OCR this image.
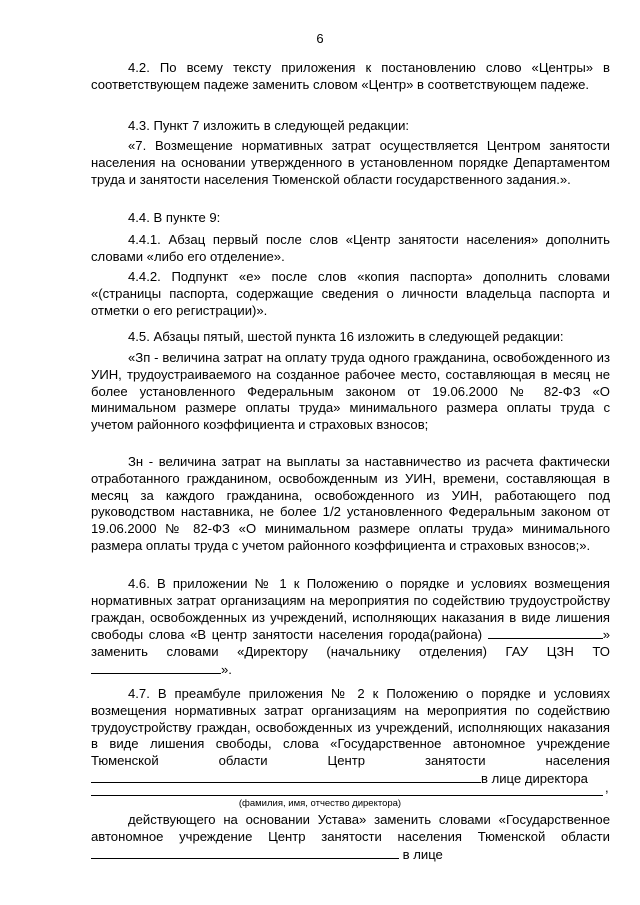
6

4.2. По всему тексту приложения к постановлению слово «Центры» в соответствующем падеже заменить словом «Центр» в соответствующем падеже.

4.3. Пункт 7 изложить в следующей редакции:

«7. Возмещение нормативных затрат осуществляется Центром занятости населения на основании утвержденного в установленном порядке Департаментом труда и занятости населения Тюменской области государственного задания.».

4.4. В пункте 9:

4.4.1. Абзац первый после слов «Центр занятости населения» дополнить словами «либо его отделение».

4.4.2. Подпункт «е» после слов «копия паспорта» дополнить словами «(страницы паспорта, содержащие сведения о личности владельца паспорта и отметки о его регистрации)».

4.5. Абзацы пятый, шестой пункта 16 изложить в следующей редакции:

«Зп - величина затрат на оплату труда одного гражданина, освобожденного из УИН, трудоустраиваемого на созданное рабочее место, составляющая в месяц не более установленного Федеральным законом от 19.06.2000 № 82-ФЗ «О минимальном размере оплаты труда» минимального размера оплаты труда с учетом районного коэффициента и страховых взносов;

Зн - величина затрат на выплаты за наставничество из расчета фактически отработанного гражданином, освобожденным из УИН, времени, составляющая в месяц за каждого гражданина, освобожденного из УИН, работающего под руководством наставника, не более 1/2 установленного Федеральным законом от 19.06.2000 № 82-ФЗ «О минимальном размере оплаты труда» минимального размера оплаты труда с учетом районного коэффициента и страховых взносов;».

4.6. В приложении № 1 к Положению о порядке и условиях возмещения нормативных затрат организациям на мероприятия по содействию трудоустройству граждан, освобожденных из учреждений, исполняющих наказания в виде лишения свободы слова «В центр занятости населения города(района)	» заменить словами «Директору (начальнику отделения) ГАУ ЦЗН ТО».

4.7. В преамбуле приложения № 2 к Положению о порядке и условиях возмещения нормативных затрат организациям на мероприятия по содействию трудоустройству граждан, освобожденных из учреждений, исполняющих наказания в виде лишения свободы, слова «Государственное автономное учреждение Тюменской области Центр занятости населения в лице директора

,
(фамилия, имя, отчество директора)

действующего на основании Устава» заменить словами «Государственное автономное учреждение Центр занятости населения Тюменской области  в лице
